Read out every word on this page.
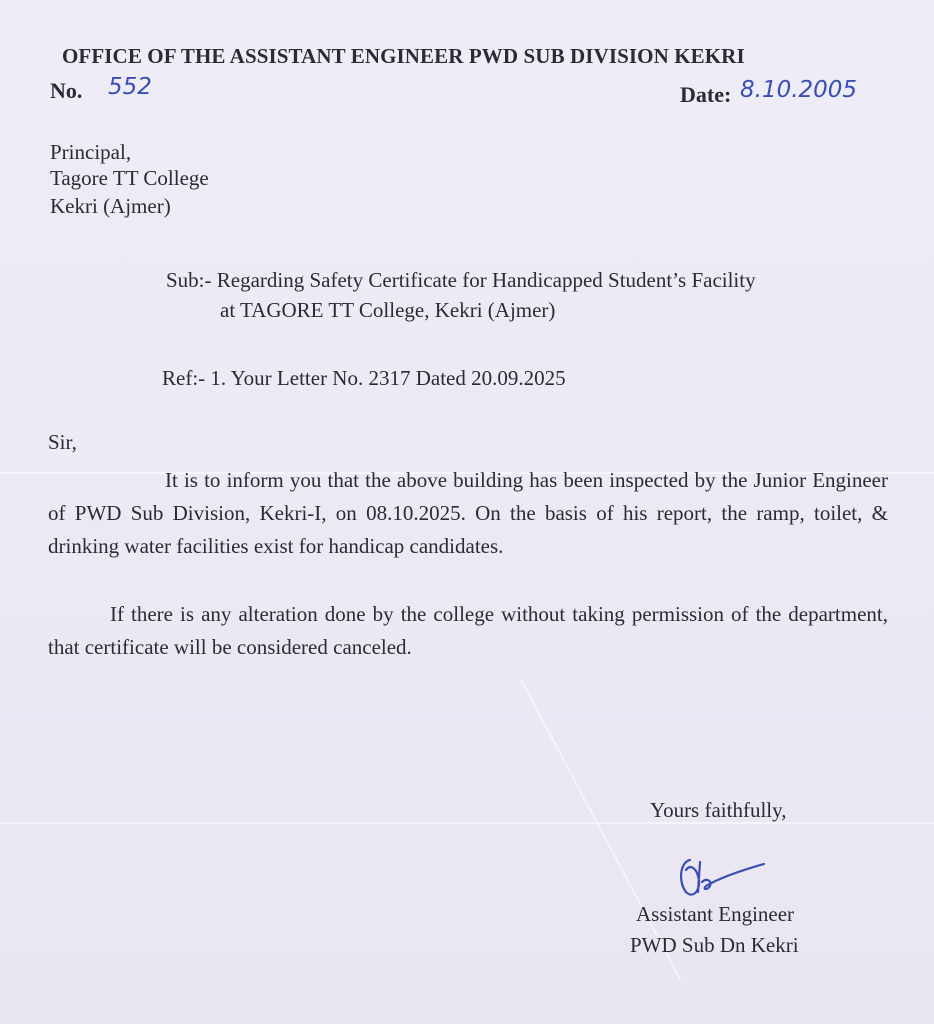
OFFICE OF THE ASSISTANT ENGINEER PWD SUB DIVISION KEKRI
No. 552	Date: 8.10.2005
Principal,
Tagore TT College
Kekri (Ajmer)
Sub:- Regarding Safety Certificate for Handicapped Student’s Facility
at TAGORE TT College, Kekri (Ajmer)
Ref:- 1. Your Letter No. 2317 Dated 20.09.2025
Sir,
It is to inform you that the above building has been inspected by the Junior Engineer of PWD Sub Division, Kekri-I, on 08.10.2025. On the basis of his report, the ramp, toilet, & drinking water facilities exist for handicap candidates.
If there is any alteration done by the college without taking permission of the department, that certificate will be considered canceled.
Yours faithfully,
Assistant Engineer
PWD Sub Dn Kekri
